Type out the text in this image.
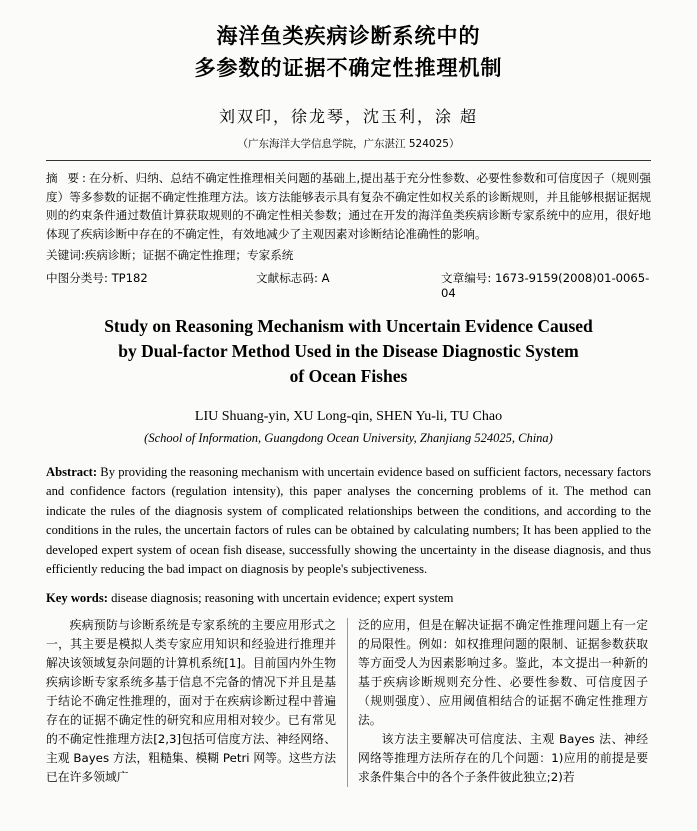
海洋鱼类疾病诊断系统中的
多参数的证据不确定性推理机制
刘双印，徐龙琴，沈玉利，涂 超
（广东海洋大学信息学院，广东湛江 524025）
摘 要:在分析、归纳、总结不确定性推理相关问题的基础上,提出基于充分性参数、必要性参数和可信度因子（规则强度）等多参数的证据不确定性推理方法。该方法能够表示具有复杂不确定性如权关系的诊断规则，并且能够根据证据规则的约束条件通过数值计算获取规则的不确定性相关参数；通过在开发的海洋鱼类疾病诊断专家系统中的应用，很好地体现了疾病诊断中存在的不确定性，有效地减少了主观因素对诊断结论准确性的影响。
关键词:疾病诊断；证据不确定性推理；专家系统
中图分类号: TP182	文献标志码: A	文章编号: 1673-9159(2008)01-0065-04
Study on Reasoning Mechanism with Uncertain Evidence Caused
by Dual-factor Method Used in the Disease Diagnostic System
of Ocean Fishes
LIU Shuang-yin, XU Long-qin, SHEN Yu-li, TU Chao
(School of Information, Guangdong Ocean University, Zhanjiang 524025, China)
Abstract: By providing the reasoning mechanism with uncertain evidence based on sufficient factors, necessary factors and confidence factors (regulation intensity), this paper analyses the concerning problems of it. The method can indicate the rules of the diagnosis system of complicated relationships between the conditions, and according to the conditions in the rules, the uncertain factors of rules can be obtained by calculating numbers; It has been applied to the developed expert system of ocean fish disease, successfully showing the uncertainty in the disease diagnosis, and thus efficiently reducing the bad impact on diagnosis by people's subjectiveness.
Key words: disease diagnosis; reasoning with uncertain evidence; expert system

疾病预防与诊断系统是专家系统的主要应用形式之一，其主要是模拟人类专家应用知识和经验进行推理并解决该领域复杂问题的计算机系统[1]。目前国内外生物疾病诊断专家系统多基于信息不完备的情况下并且是基于结论不确定性推理的，面对于在疾病诊断过程中普遍存在的证据不确定性的研究和应用相对较少。已有常见的不确定性推理方法[2,3]包括可信度方法、神经网络、主观 Bayes 方法，粗糙集、模糊 Petri 网等。这些方法已在许多领域广

泛的应用，但是在解决证据不确定性推理问题上有一定的局限性。例如：如权推理问题的限制、证据参数获取等方面受人为因素影响过多。鉴此，本文提出一种新的基于疾病诊断规则充分性、必要性参数、可信度因子（规则强度）、应用阈值相结合的证据不确定性推理方法。

该方法主要解决可信度法、主观 Bayes 法、神经网络等推理方法所存在的几个问题：1)应用的前提是要求条件集合中的各个子条件彼此独立;2)若
